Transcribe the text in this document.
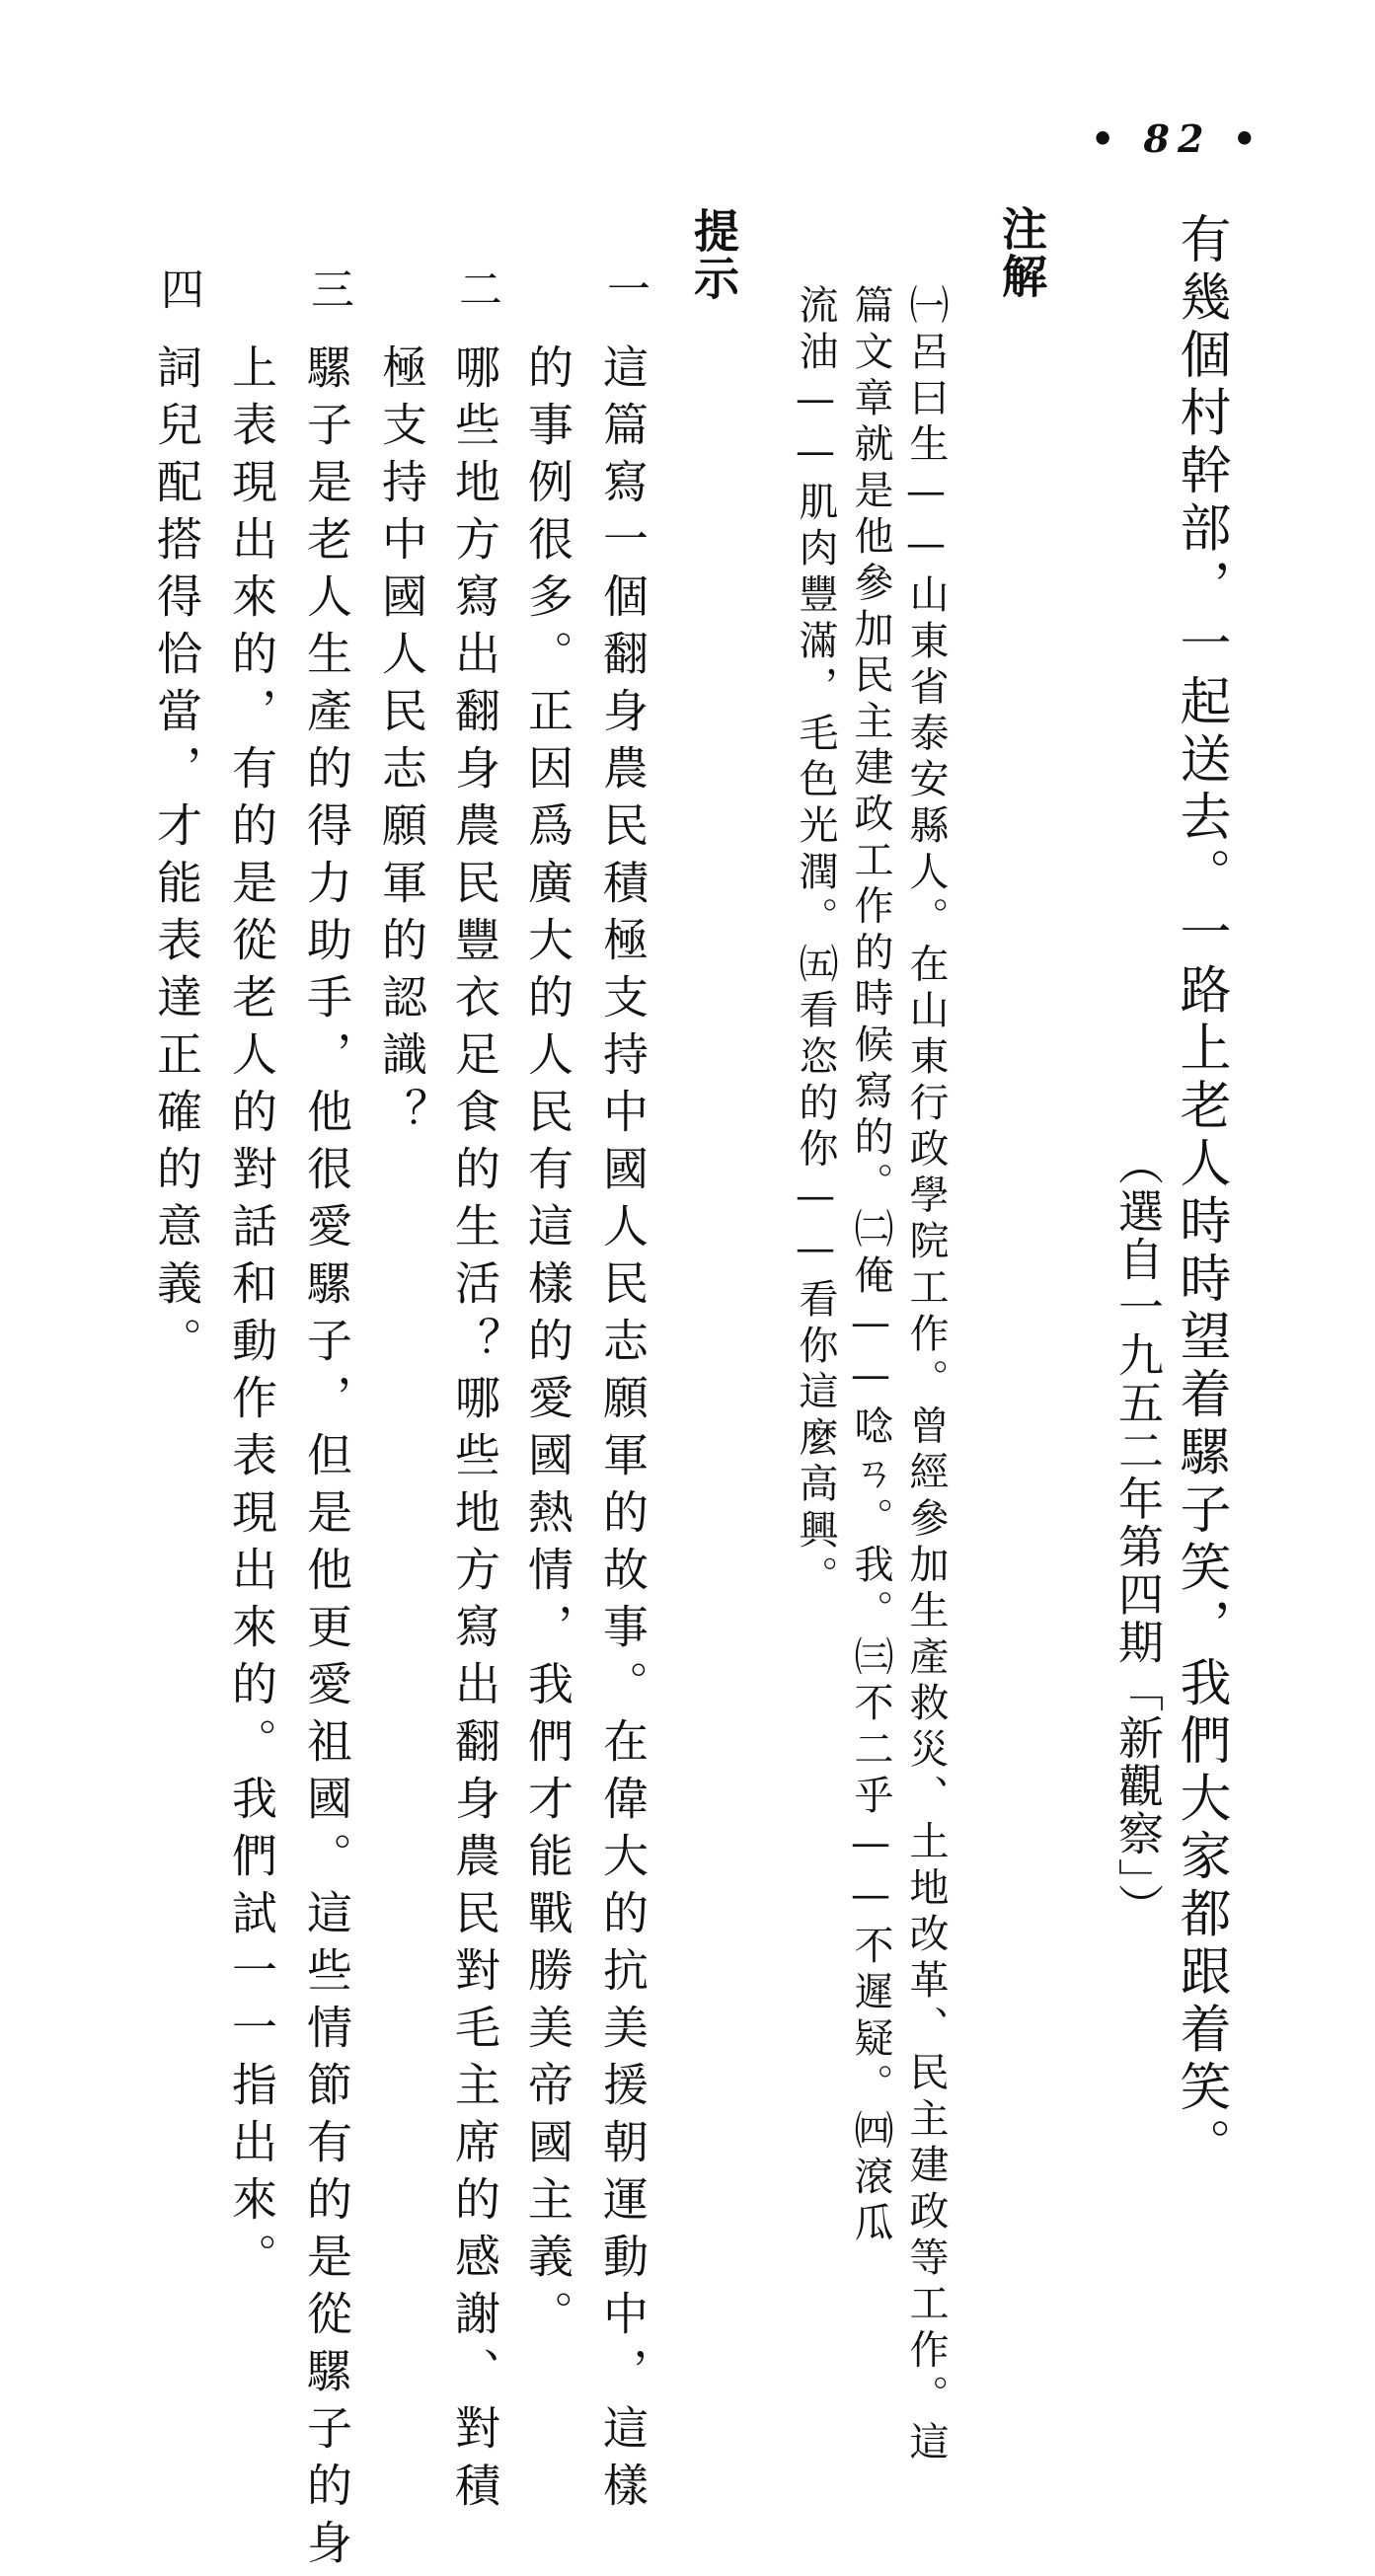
• 82 •
有幾個村幹部，一起送去。一路上老人時時望着騾子笑，我們大家都跟着笑。
（選自一九五二年第四期「新觀察」）
注解
㈠呂曰生——山東省泰安縣人。在山東行政學院工作。曾經參加生產救災、土地改革、民主建政等工作。這
篇文章就是他參加民主建政工作的時候寫的。㈡俺——唸ㄢ。我。㈢不二乎——不遲疑。㈣滾瓜
流油——肌肉豐滿，毛色光潤。㈤看恣的你——看你這麼高興。
提示
一
這篇寫一個翻身農民積極支持中國人民志願軍的故事。在偉大的抗美援朝運動中，這樣
的事例很多。正因爲廣大的人民有這樣的愛國熱情，我們才能戰勝美帝國主義。
二
哪些地方寫出翻身農民豐衣足食的生活？哪些地方寫出翻身農民對毛主席的感謝、對積
極支持中國人民志願軍的認識？
三
騾子是老人生產的得力助手，他很愛騾子，但是他更愛祖國。這些情節有的是從騾子的身
上表現出來的，有的是從老人的對話和動作表現出來的。我們試一一指出來。
四
詞兒配搭得恰當，才能表達正確的意義。
